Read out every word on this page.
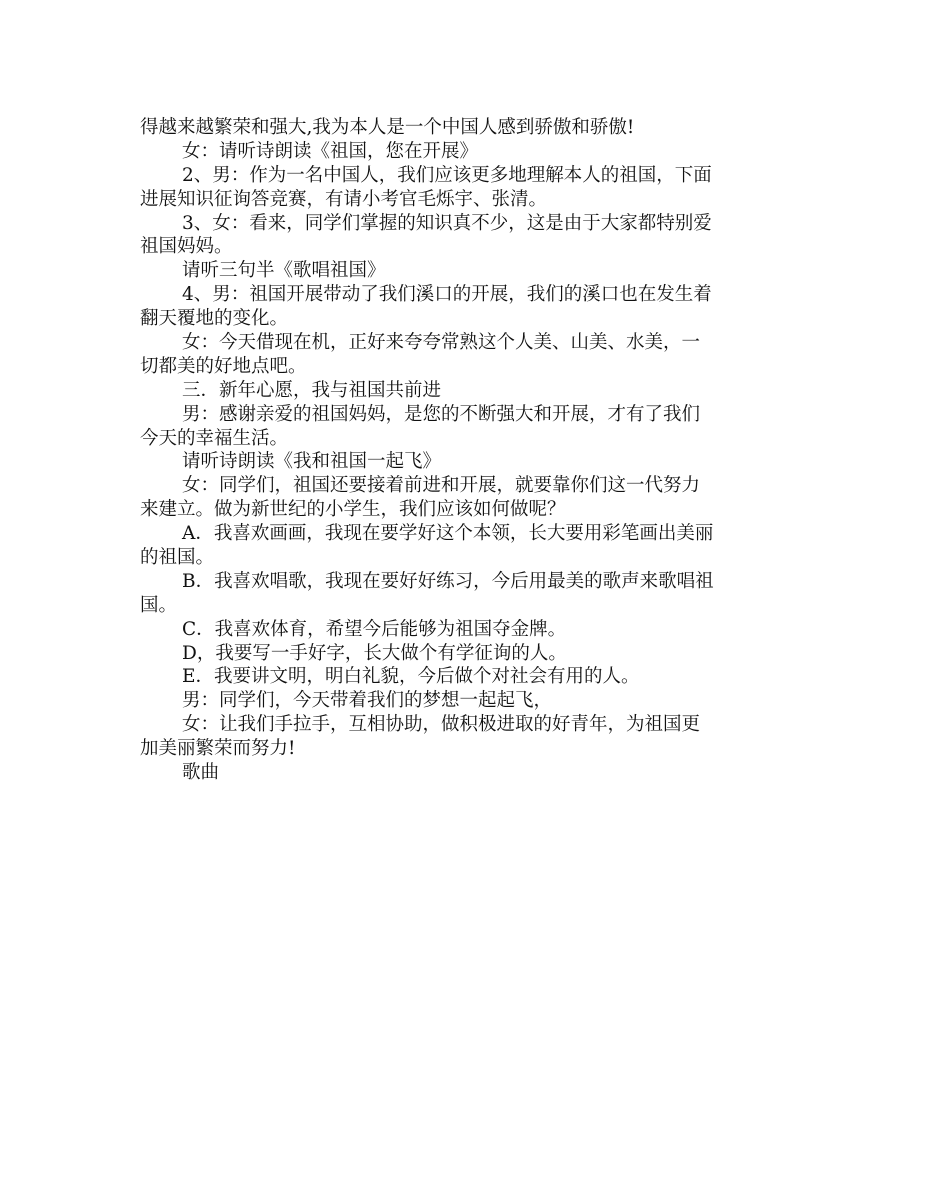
得越来越繁荣和强大,我为本人是一个中国人感到骄傲和骄傲!
女：请听诗朗读《祖国，您在开展》
2、男：作为一名中国人，我们应该更多地理解本人的祖国，下面
进展知识征询答竞赛，有请小考官毛烁宇、张清。
3、女：看来，同学们掌握的知识真不少，这是由于大家都特别爱
祖国妈妈。
请听三句半《歌唱祖国》
4、男：祖国开展带动了我们溪口的开展，我们的溪口也在发生着
翻天覆地的变化。
女：今天借现在机，正好来夸夸常熟这个人美、山美、水美，一
切都美的好地点吧。
三．新年心愿，我与祖国共前进
男：感谢亲爱的祖国妈妈，是您的不断强大和开展，才有了我们
今天的幸福生活。
请听诗朗读《我和祖国一起飞》
女：同学们，祖国还要接着前进和开展，就要靠你们这一代努力
来建立。做为新世纪的小学生，我们应该如何做呢？
A．我喜欢画画，我现在要学好这个本领，长大要用彩笔画出美丽
的祖国。
B．我喜欢唱歌，我现在要好好练习，今后用最美的歌声来歌唱祖
国。
C．我喜欢体育，希望今后能够为祖国夺金牌。
D，我要写一手好字，长大做个有学征询的人。
E．我要讲文明，明白礼貌，今后做个对社会有用的人。
男：同学们，今天带着我们的梦想一起起飞，
女：让我们手拉手，互相协助，做积极进取的好青年，为祖国更
加美丽繁荣而努力!
歌曲
